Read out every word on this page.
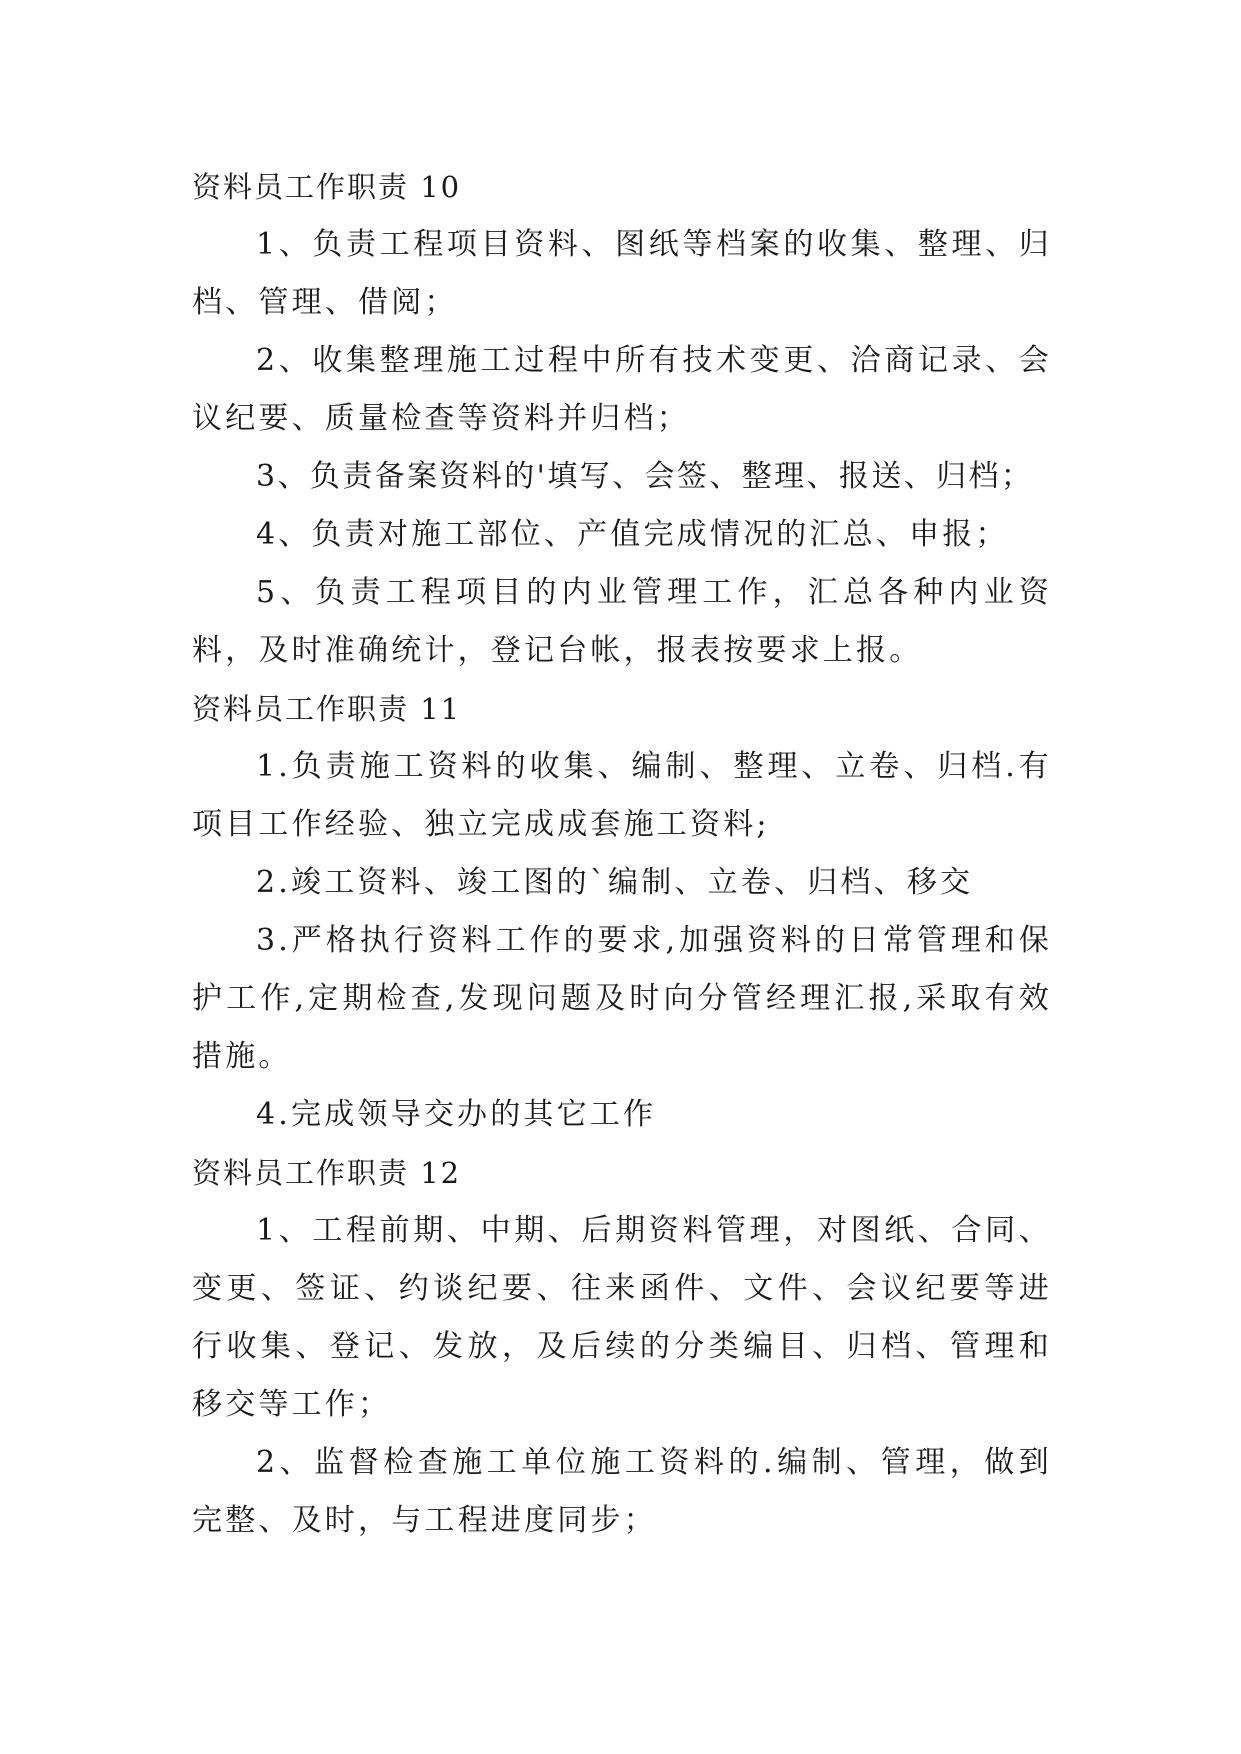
资料员工作职责 10
1、负责工程项目资料、图纸等档案的收集、整理、归档、管理、借阅；
2、收集整理施工过程中所有技术变更、洽商记录、会议纪要、质量检查等资料并归档；
3、负责备案资料的'填写、会签、整理、报送、归档；
4、负责对施工部位、产值完成情况的汇总、申报；
5、负责工程项目的内业管理工作，汇总各种内业资料，及时准确统计，登记台帐，报表按要求上报。
资料员工作职责 11
1.负责施工资料的收集、编制、整理、立卷、归档.有项目工作经验、独立完成成套施工资料;
2.竣工资料、竣工图的`编制、立卷、归档、移交
3.严格执行资料工作的要求,加强资料的日常管理和保护工作,定期检查,发现问题及时向分管经理汇报,采取有效措施。
4.完成领导交办的其它工作
资料员工作职责 12
1、工程前期、中期、后期资料管理，对图纸、合同、变更、签证、约谈纪要、往来函件、文件、会议纪要等进行收集、登记、发放，及后续的分类编目、归档、管理和移交等工作；
2、监督检查施工单位施工资料的.编制、管理，做到完整、及时，与工程进度同步；
